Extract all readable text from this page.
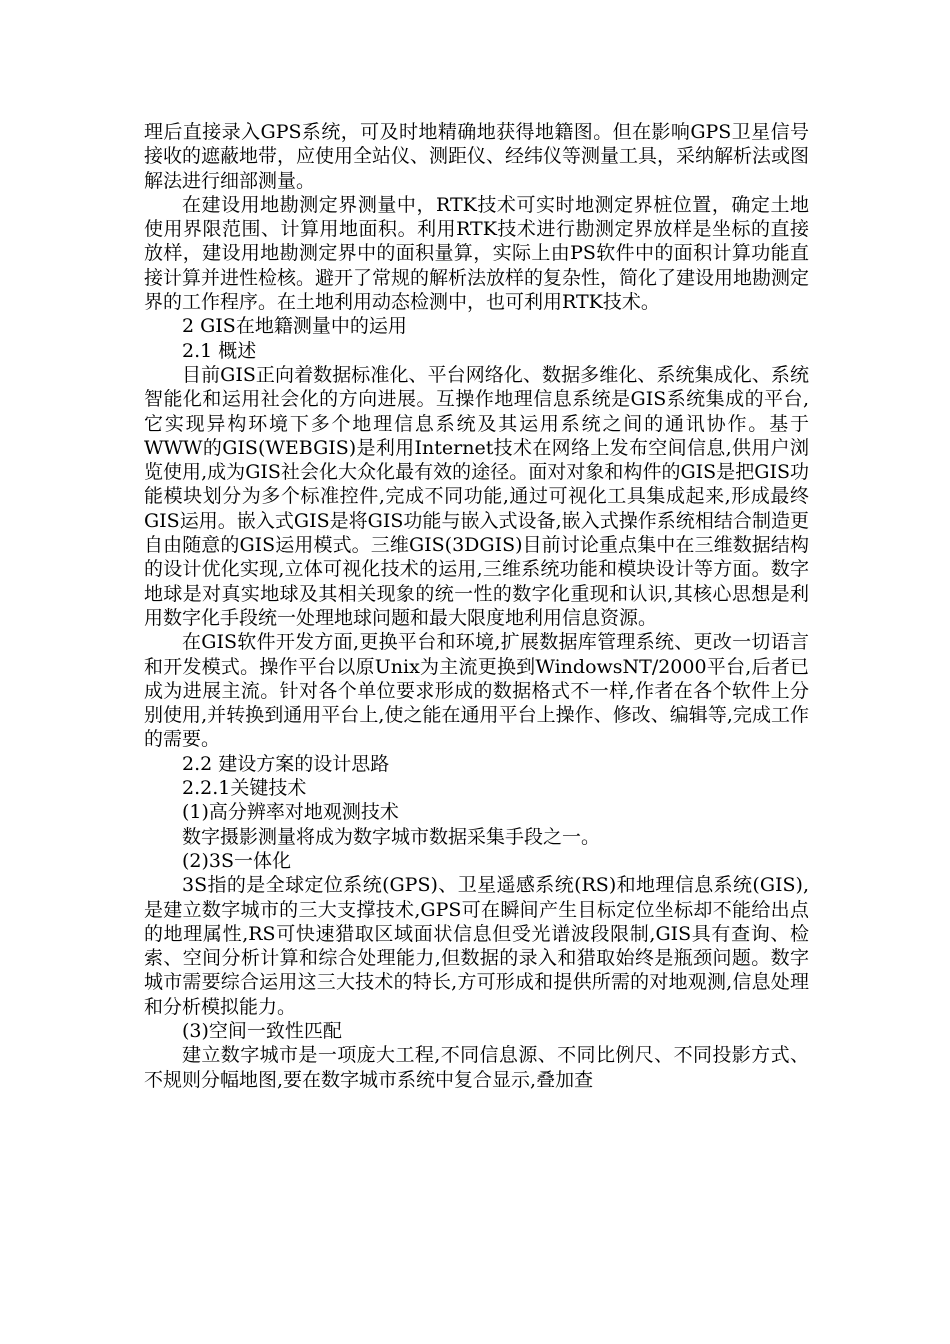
理后直接录入GPS系统，可及时地精确地获得地籍图。但在影响GPS卫星信号接收的遮蔽地带，应使用全站仪、测距仪、经纬仪等测量工具，采纳解析法或图解法进行细部测量。

在建设用地勘测定界测量中，RTK技术可实时地测定界桩位置，确定土地使用界限范围、计算用地面积。利用RTK技术进行勘测定界放样是坐标的直接放样，建设用地勘测定界中的面积量算，实际上由PS软件中的面积计算功能直接计算并进性检核。避开了常规的解析法放样的复杂性，简化了建设用地勘测定界的工作程序。在土地利用动态检测中，也可利用RTK技术。

2 GIS在地籍测量中的运用

2.1 概述

目前GIS正向着数据标准化、平台网络化、数据多维化、系统集成化、系统智能化和运用社会化的方向进展。互操作地理信息系统是GIS系统集成的平台,它实现异构环境下多个地理信息系统及其运用系统之间的通讯协作。基于WWW的GIS(WEBGIS)是利用Internet技术在网络上发布空间信息,供用户浏览使用,成为GIS社会化大众化最有效的途径。面对对象和构件的GIS是把GIS功能模块划分为多个标准控件,完成不同功能,通过可视化工具集成起来,形成最终GIS运用。嵌入式GIS是将GIS功能与嵌入式设备,嵌入式操作系统相结合制造更自由随意的GIS运用模式。三维GIS(3DGIS)目前讨论重点集中在三维数据结构的设计优化实现,立体可视化技术的运用,三维系统功能和模块设计等方面。数字地球是对真实地球及其相关现象的统一性的数字化重现和认识,其核心思想是利用数字化手段统一处理地球问题和最大限度地利用信息资源。

在GIS软件开发方面,更换平台和环境,扩展数据库管理系统、更改一切语言和开发模式。操作平台以原Unix为主流更换到WindowsNT/2000平台,后者已成为进展主流。针对各个单位要求形成的数据格式不一样,作者在各个软件上分别使用,并转换到通用平台上,使之能在通用平台上操作、修改、编辑等,完成工作的需要。

2.2 建设方案的设计思路

2.2.1关键技术

(1)高分辨率对地观测技术

数字摄影测量将成为数字城市数据采集手段之一。

(2)3S一体化

3S指的是全球定位系统(GPS)、卫星遥感系统(RS)和地理信息系统(GIS),是建立数字城市的三大支撑技术,GPS可在瞬间产生目标定位坐标却不能给出点的地理属性,RS可快速猎取区域面状信息但受光谱波段限制,GIS具有查询、检索、空间分析计算和综合处理能力,但数据的录入和猎取始终是瓶颈问题。数字城市需要综合运用这三大技术的特长,方可形成和提供所需的对地观测,信息处理和分析模拟能力。

(3)空间一致性匹配

建立数字城市是一项庞大工程,不同信息源、不同比例尺、不同投影方式、不规则分幅地图,要在数字城市系统中复合显示,叠加查
